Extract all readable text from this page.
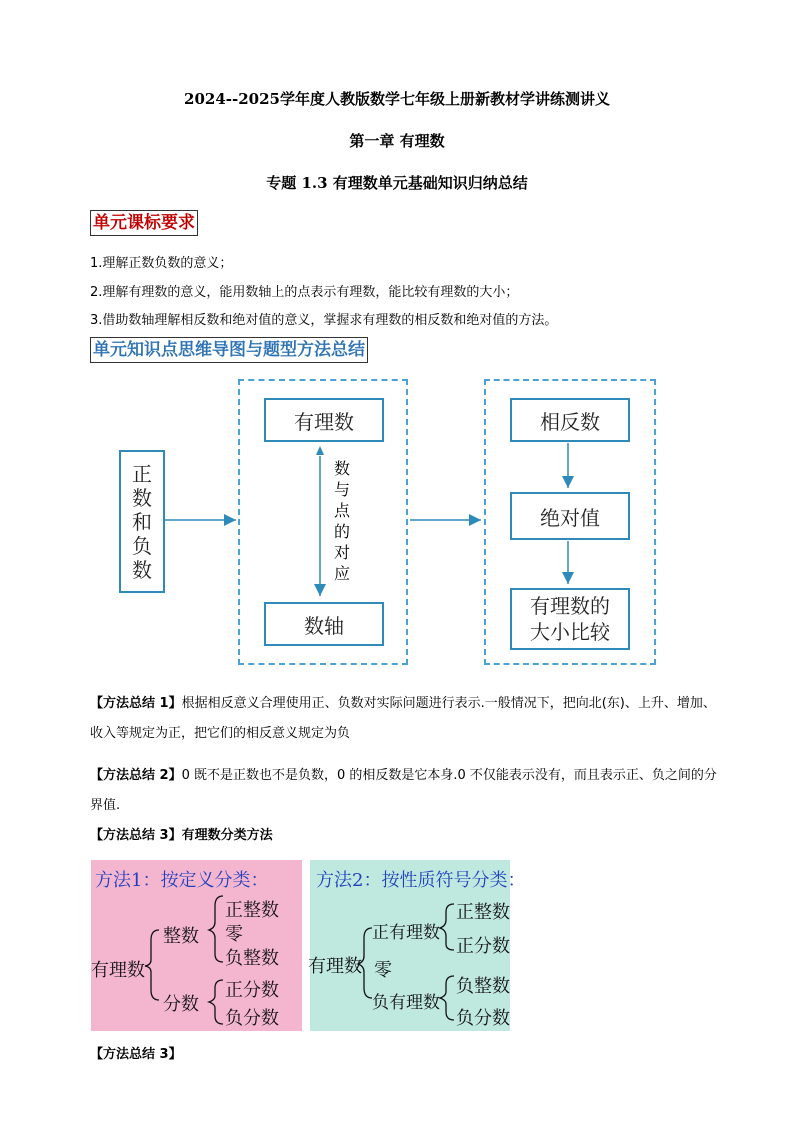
2024--2025学年度人教版数学七年级上册新教材学讲练测讲义
第一章 有理数
专题 1.3 有理数单元基础知识归纳总结
单元课标要求
1.理解正数负数的意义；
2.理解有理数的意义，能用数轴上的点表示有理数，能比较有理数的大小；
3.借助数轴理解相反数和绝对值的意义，掌握求有理数的相反数和绝对值的方法。
单元知识点思维导图与题型方法总结
正数和负数
有理数
数轴
数与点的对应
相反数
绝对值
有理数的
大小比较
【方法总结 1】根据相反意义合理使用正、负数对实际问题进行表示.一般情况下，把向北(东)、上升、增加、收入等规定为正，把它们的相反意义规定为负
【方法总结 2】0 既不是正数也不是负数，0 的相反数是它本身.0 不仅能表示没有，而且表示正、负之间的分界值.
【方法总结 3】有理数分类方法
方法1：按定义分类：
有理数
整数
正整数
零
负整数
分数
正分数
负分数
方法2：按性质符号分类：
有理数
正有理数
正整数
正分数
零
负有理数
负整数
负分数
【方法总结 3】
